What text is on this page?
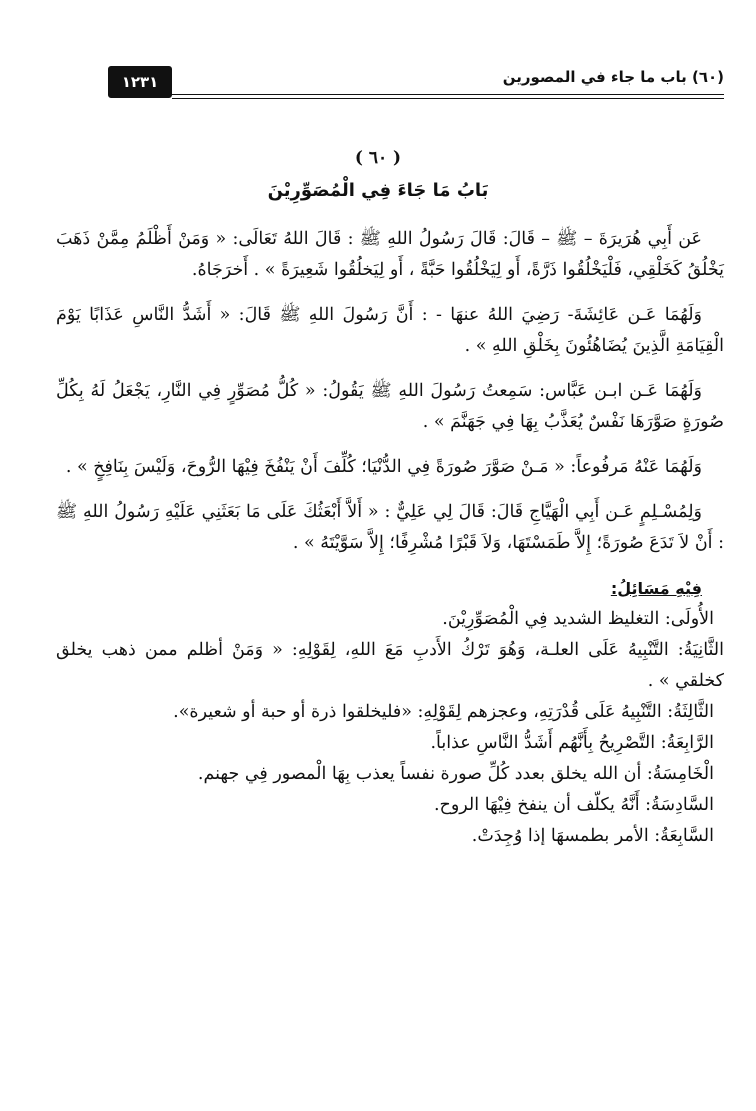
١٢٣١	(٦٠) باب ما جاء في المصورين
( ٦٠ )
بَابُ مَا جَاءَ فِي الْمُصَوِّرِيْنَ

عَن أَبِي هُرَيرَةَ – ﷺ – قَالَ: قَالَ رَسُولُ اللهِ ﷺ : قَالَ اللهُ تَعَالَى: « وَمَنْ أَظْلَمُ مِمَّنْ ذَهَبَ يَخْلُقُ كَخَلْقِي، فَلْيَخْلُقُوا ذَرَّةً، أَو لِيَخْلُقُوا حَبَّةً ، أَو لِيَخلُقُوا شَعِيرَةً » . أَخرَجَاهُ.

وَلَهُمَا عَـن عَائِشَةَ- رَضِيَ اللهُ عنهَا - : أَنَّ رَسُولَ اللهِ ﷺ قَالَ: « أَشَدُّ النَّاسِ عَذَابًا يَوْمَ الْقِيَامَةِ الَّذِينَ يُضَاهُئُونَ بِخَلْقِ اللهِ » .

وَلَهُمَا عَـن ابـن عَبَّاس: سَمِعتُ رَسُولَ اللهِ ﷺ يَقُولُ: « كُلُّ مُصَوِّرٍ فِي النَّارِ، يَجْعَلُ لَهُ بِكُلِّ صُورَةٍ صَوَّرَهَا نَفْسٌ يُعَذَّبُ بِهَا فِي جَهَنَّمَ » .

وَلَهُمَا عَنْهُ مَرفُوعاً: « مَـنْ صَوَّرَ صُورَةً فِي الدُّنْيَا؛ كُلِّفَ أَنْ يَنْفُخَ فِيْهَا الرُّوحَ، وَلَيْسَ بِنَافِخٍ » .

وَلِمُسْـلِمٍ عَـن أَبِي الْهَيَّاجِ قَالَ: قَالَ لِي عَلِيٌّ : « أَلاَّ أَبْعَثُكَ عَلَى مَا بَعَثَنِي عَلَيْهِ رَسُولُ اللهِ ﷺ : أَنْ لاَ تَدَعَ صُورَةً؛ إِلاَّ طَمَسْتَهَا، وَلاَ قَبْرًا مُشْرِفًا؛ إِلاَّ سَوَّيْتَهُ » .

فِيْهِ مَسَائِلُ:
الأُولَى: التغليظ الشديد فِي الْمُصَوِّرِيْنَ.
الثَّانِيَةُ: التَّنْبِيهُ عَلَى العلـة، وَهُوَ تَرْكُ الأَدبِ مَعَ اللهِ، لِقَوْلِهِ: « وَمَنْ أظلم ممن ذهب يخلق كخلقي » .
الثَّالِثَةُ: التَّنْبِيهُ عَلَى قُدْرَتِهِ، وعجزهم لِقَوْلِهِ: «فليخلقوا ذرة أو حبة أو شعيرة».
الرَّابِعَةُ: التَّصْرِيحُ بِأَنَّهُم أَشَدُّ النَّاسِ عذاباً.
الْخَامِسَةُ: أن الله يخلق بعدد كُلِّ صورة نفساً يعذب بِهَا الْمصور فِي جهنم.
السَّادِسَةُ: أَنَّهُ يكلّف أن ينفخ فِيْهَا الروح.
السَّابِعَةُ: الأمر بطمسهَا إذا وُجِدَتْ.
